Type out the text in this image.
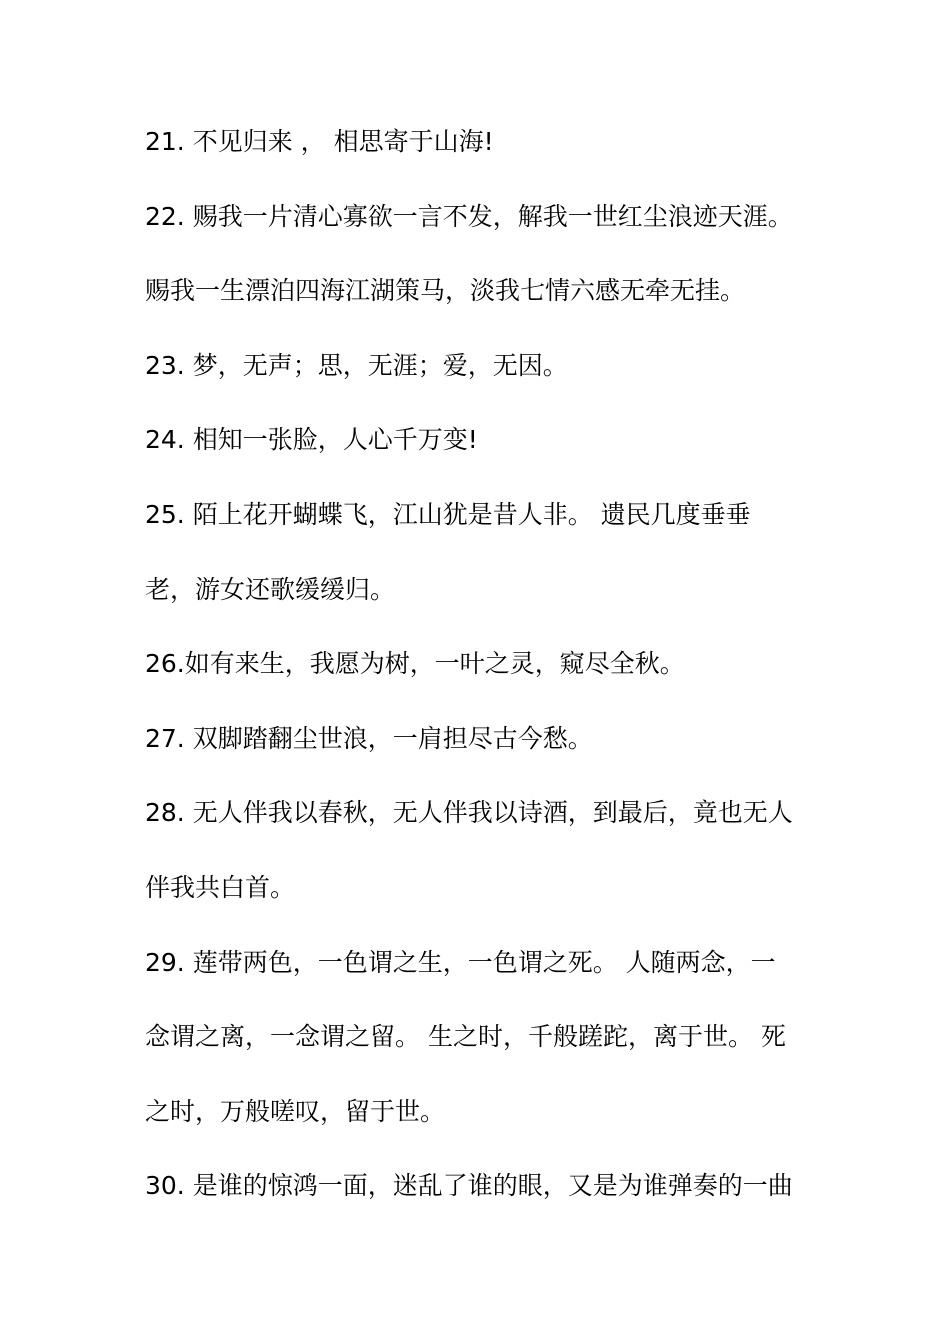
21. 不见归来 ， 相思寄于山海!
22. 赐我一片清心寡欲一言不发，解我一世红尘浪迹天涯。
赐我一生漂泊四海江湖策马，淡我七情六感无牵无挂。
23. 梦，无声；思，无涯；爱，无因。
24. 相知一张脸，人心千万变!
25. 陌上花开蝴蝶飞，江山犹是昔人非。 遗民几度垂垂
老，游女还歌缓缓归。
26.如有来生，我愿为树，一叶之灵，窥尽全秋。
27. 双脚踏翻尘世浪，一肩担尽古今愁。
28. 无人伴我以春秋，无人伴我以诗酒，到最后，竟也无人
伴我共白首。
29. 莲带两色，一色谓之生，一色谓之死。 人随两念，一
念谓之离，一念谓之留。 生之时，千般蹉跎，离于世。 死
之时，万般嗟叹，留于世。
30. 是谁的惊鸿一面，迷乱了谁的眼，又是为谁弹奏的一曲
